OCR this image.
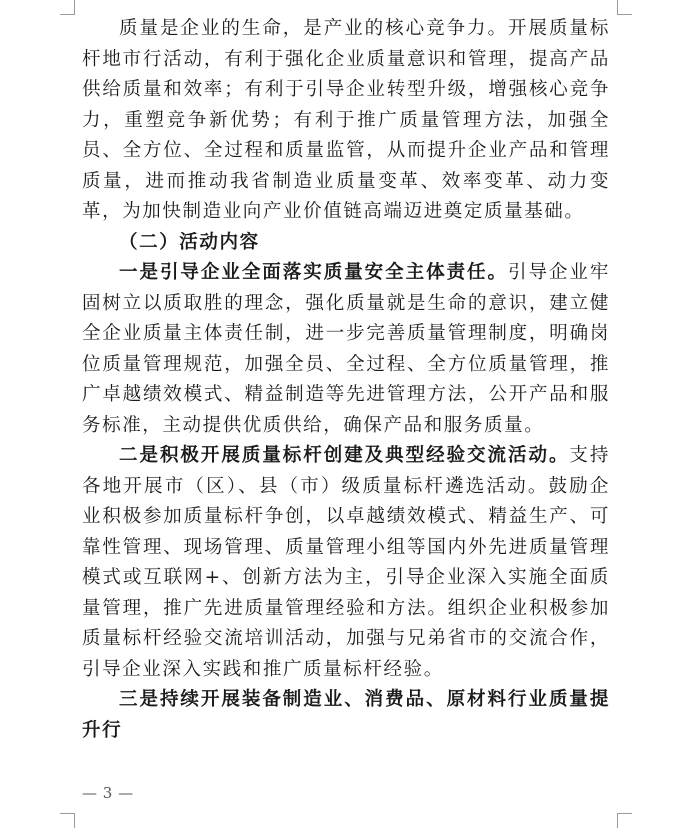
质量是企业的生命，是产业的核心竞争力。开展质量标杆地市行活动，有利于强化企业质量意识和管理，提高产品供给质量和效率；有利于引导企业转型升级，增强核心竞争力，重塑竞争新优势；有利于推广质量管理方法，加强全员、全方位、全过程和质量监管，从而提升企业产品和管理质量，进而推动我省制造业质量变革、效率变革、动力变革，为加快制造业向产业价值链高端迈进奠定质量基础。

（二）活动内容

一是引导企业全面落实质量安全主体责任。引导企业牢固树立以质取胜的理念，强化质量就是生命的意识，建立健全企业质量主体责任制，进一步完善质量管理制度，明确岗位质量管理规范，加强全员、全过程、全方位质量管理，推广卓越绩效模式、精益制造等先进管理方法，公开产品和服务标准，主动提供优质供给，确保产品和服务质量。

二是积极开展质量标杆创建及典型经验交流活动。支持各地开展市（区）、县（市）级质量标杆遴选活动。鼓励企业积极参加质量标杆争创，以卓越绩效模式、精益生产、可靠性管理、现场管理、质量管理小组等国内外先进质量管理模式或互联网+、创新方法为主，引导企业深入实施全面质量管理，推广先进质量管理经验和方法。组织企业积极参加质量标杆经验交流培训活动，加强与兄弟省市的交流合作，引导企业深入实践和推广质量标杆经验。

三是持续开展装备制造业、消费品、原材料行业质量提升行

— 3 —
